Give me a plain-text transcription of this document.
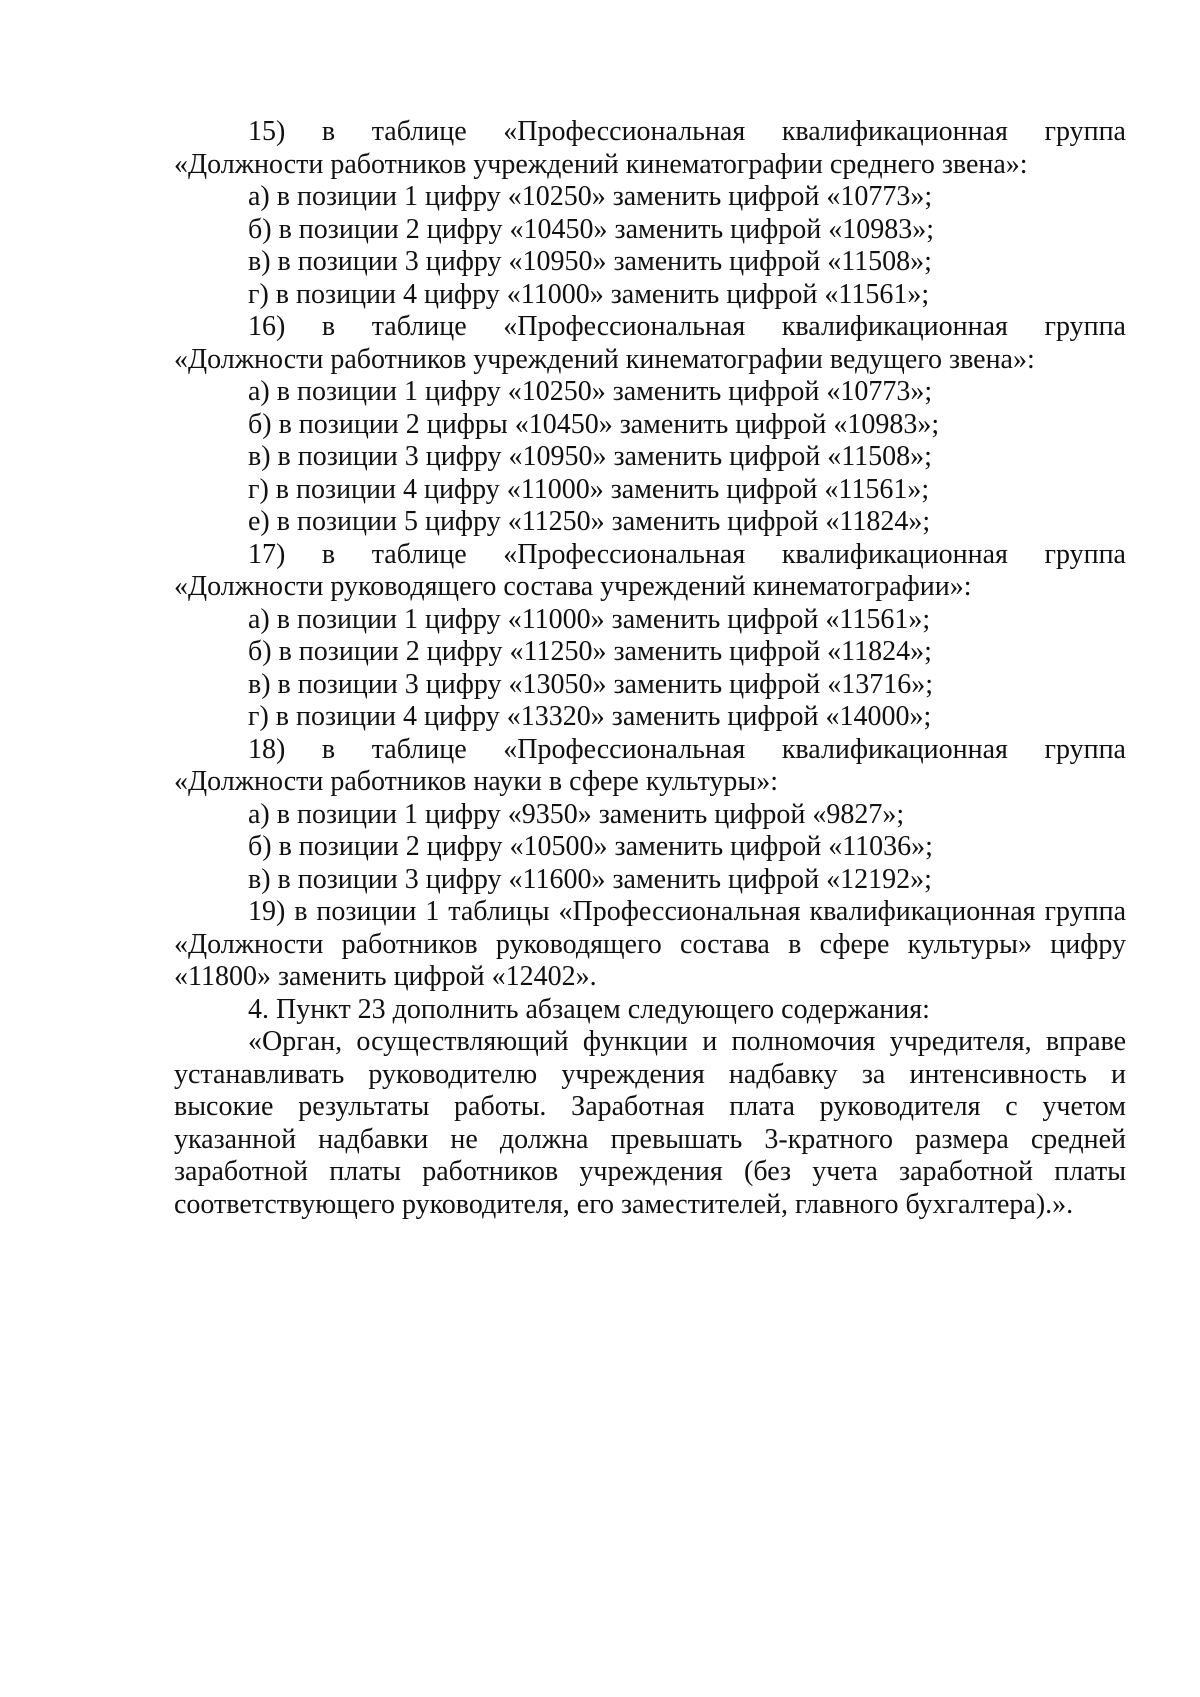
15) в таблице «Профессиональная квалификационная группа «Должности работников учреждений кинематографии среднего звена»:

а) в позиции 1 цифру «10250» заменить цифрой «10773»;

б) в позиции 2 цифру «10450» заменить цифрой «10983»;

в) в позиции 3 цифру «10950» заменить цифрой «11508»;

г) в позиции 4 цифру «11000» заменить цифрой «11561»;

16) в таблице «Профессиональная квалификационная группа «Должности работников учреждений кинематографии ведущего звена»:

а) в позиции 1 цифру «10250» заменить цифрой «10773»;

б) в позиции 2 цифры «10450» заменить цифрой «10983»;

в) в позиции 3 цифру «10950» заменить цифрой «11508»;

г) в позиции 4 цифру «11000» заменить цифрой «11561»;

е) в позиции 5 цифру «11250» заменить цифрой «11824»;

17) в таблице «Профессиональная квалификационная группа «Должности руководящего состава учреждений кинематографии»:

а) в позиции 1 цифру «11000» заменить цифрой «11561»;

б) в позиции 2 цифру «11250» заменить цифрой «11824»;

в) в позиции 3 цифру «13050» заменить цифрой «13716»;

г) в позиции 4 цифру «13320» заменить цифрой «14000»;

18) в таблице «Профессиональная квалификационная группа «Должности работников науки в сфере культуры»:

а) в позиции 1 цифру «9350» заменить цифрой «9827»;

б) в позиции 2 цифру «10500» заменить цифрой «11036»;

в) в позиции 3 цифру «11600» заменить цифрой «12192»;

19) в позиции 1 таблицы «Профессиональная квалификационная группа «Должности работников руководящего состава в сфере культуры» цифру «11800» заменить цифрой «12402».

4. Пункт 23 дополнить абзацем следующего содержания:

«Орган, осуществляющий функции и полномочия учредителя, вправе устанавливать руководителю учреждения надбавку за интенсивность и высокие результаты работы. Заработная плата руководителя с учетом указанной надбавки не должна превышать 3-кратного размера средней заработной платы работников учреждения (без учета заработной платы соответствующего руководителя, его заместителей, главного бухгалтера).».
